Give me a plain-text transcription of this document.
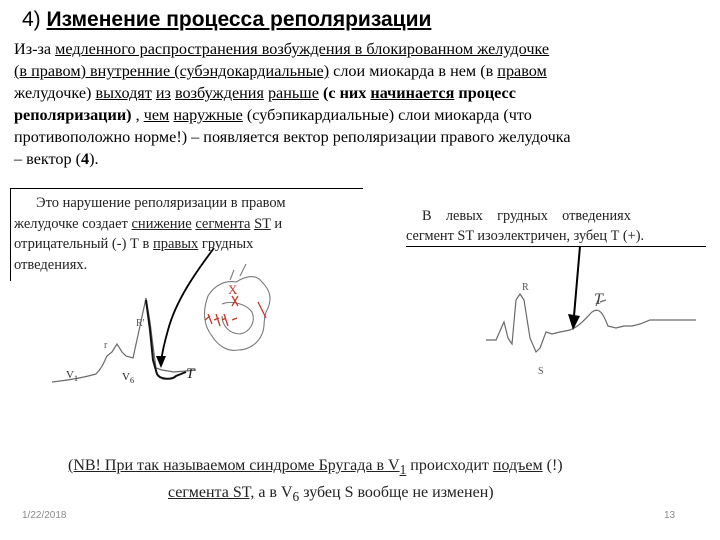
4) Изменение процесса реполяризации
Из-за медленного распространения возбуждения в блокированном желудочке
(в правом) внутренние (субэндокардиальные) слои миокарда в нем (в правом
желудочке) выходят из возбуждения раньше (с них начинается процесс
реполяризации) , чем наружные (субэпикардиальные) слои миокарда (что
противоположно норме!) – появляется вектор реполяризации правого желудочка
– вектор (4).
Это нарушение реполяризации в правом
желудочке создает снижение сегмента ST и
отрицательный (-) Т в правых грудных
отведениях.
В    левых    грудных    отведениях
сегмент ST изоэлектричен, зубец Т (+).
$V_1$
r
R'
$V_6$	T
X	R
S
T
(NB! При так называемом синдроме Бругада в $V_1$ происходит подъем (!)
сегмента ST, а в $V_6$ зубец S вообще не изменен)
1/22/2018	13
